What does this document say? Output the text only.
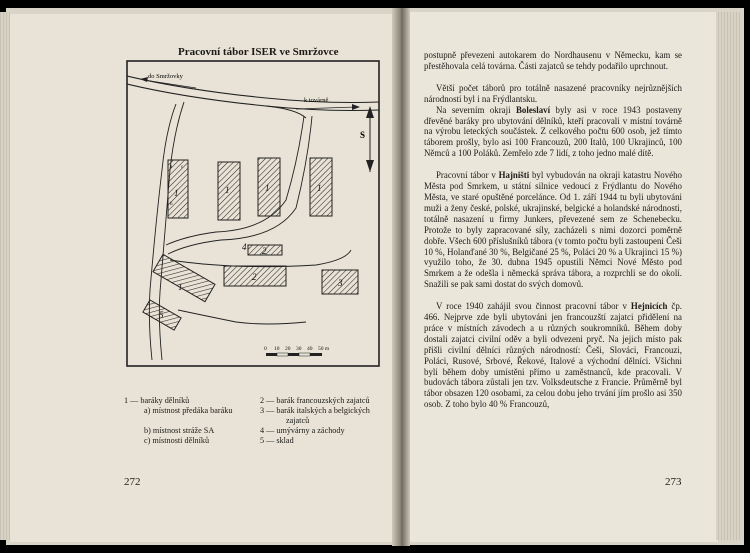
Pracovní tábor ISER ve Smržovce
do Smržovky
k továrně
S
1	1	1	1
2
2
1	3
4
5
a
b
c
0 10 20 30 40 50 m
1 — baráky dělníků
a) místnost předáka baráku
b) místnost stráže SA
c) místnosti dělníků
2 — barák francouzských zajatců
3 — barák italských a belgických
zajatců
4 — umývárny a záchody
5 — sklad
272

postupně převezeni autokarem do Nordhausenu v Německu, kam se přestěhovala celá továrna. Části zajatců se tehdy podařilo uprchnout.

Větší počet táborů pro totálně nasazené pracovníky nejrůznějších národností byl i na Frýdlantsku.

Na severním okraji Boleslaví byly asi v roce 1943 postaveny dřevěné baráky pro ubytování dělníků, kteří pracovali v místní továrně na výrobu leteckých součástek. Z celkového počtu 600 osob, jež tímto táborem prošly, bylo asi 100 Francouzů, 200 Italů, 100 Ukrajinců, 100 Němců a 100 Poláků. Zemřelo zde 7 lidí, z toho jedno malé dítě.

Pracovní tábor v Hajništi byl vybudován na okraji katastru Nového Města pod Smrkem, u státní silnice vedoucí z Frýdlantu do Nového Města, ve staré opuštěné porcelánce. Od 1. září 1944 tu byli ubytováni muži a ženy české, polské, ukrajinské, belgické a holandské národnosti, totálně nasazení u firmy Junkers, převezené sem ze Schenebecku. Protože to byly zapracované síly, zacházeli s nimi dozorci poměrně dobře. Všech 600 příslušníků tábora (v tomto počtu byli zastoupeni Češi 10 %, Holanďané 30 %, Belgičané 25 %, Poláci 20 % a Ukrajinci 15 %) využilo toho, že 30. dubna 1945 opustili Němci Nové Město pod Smrkem a že odešla i německá správa tábora, a rozprchli se do okolí. Snažili se pak sami dostat do svých domovů.

V roce 1940 zahájil svou činnost pracovní tábor v Hejnicích čp. 466. Nejprve zde byli ubytováni jen francouzští zajatci přidělení na práce v místních závodech a u různých soukromníků. Během doby dostali zajatci civilní oděv a byli odvezeni pryč. Na jejich místo pak přišli civilní dělníci různých národností: Češi, Slováci, Francouzi, Poláci, Rusové, Srbové, Řekové, Italové a východní dělníci. Všichni byli během doby umístěni přímo u zaměstnanců, kde pracovali. V budovách tábora zůstali jen tzv. Volksdeutsche z Francie. Průměrně byl tábor obsazen 120 osobami, za celou dobu jeho trvání jím prošlo asi 350 osob. Z toho bylo 40 % Francouzů,

273
